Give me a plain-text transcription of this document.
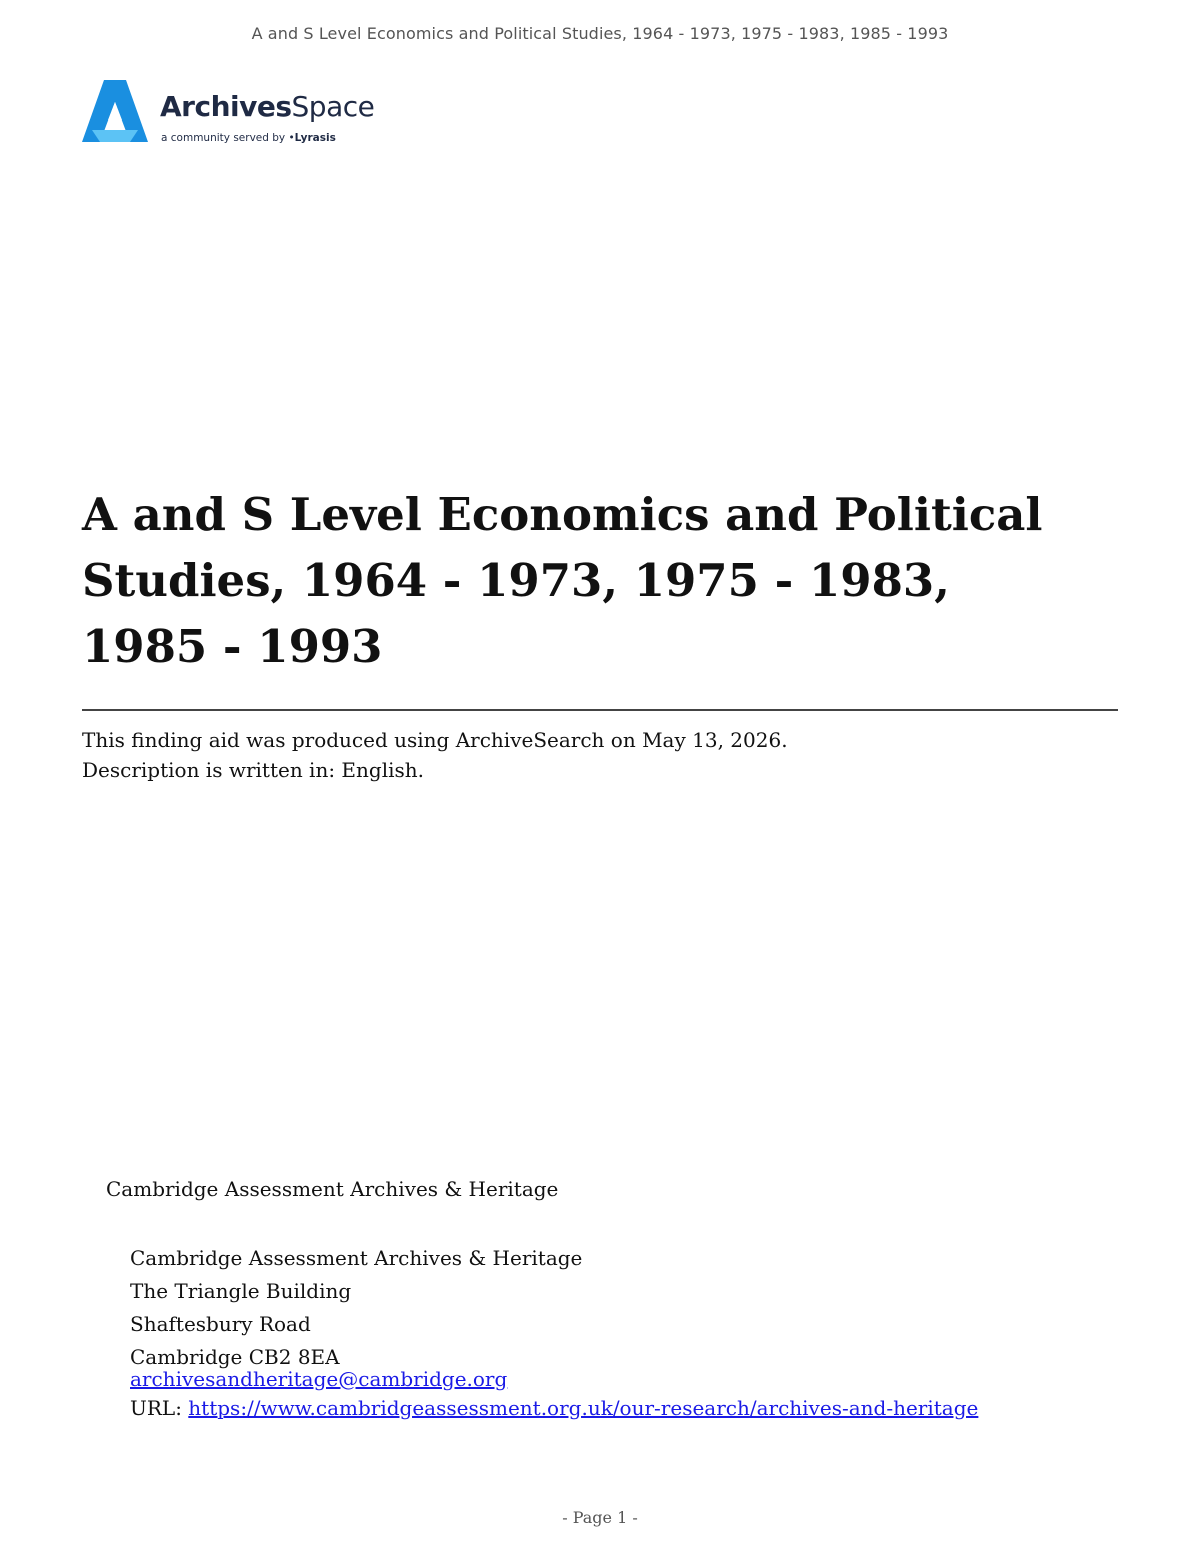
A and S Level Economics and Political Studies, 1964 - 1973, 1975 - 1983, 1985 - 1993
ArchivesSpace
a community served by •Lyrasis
A and S Level Economics and Political Studies, 1964 - 1973, 1975 - 1983, 1985 - 1993
This finding aid was produced using ArchiveSearch on May 13, 2026.
Description is written in: English.
Cambridge Assessment Archives & Heritage
Cambridge Assessment Archives & Heritage
The Triangle Building
Shaftesbury Road
Cambridge CB2 8EA
archivesandheritage@cambridge.org
URL: https://www.cambridgeassessment.org.uk/our-research/archives-and-heritage
- Page 1 -
